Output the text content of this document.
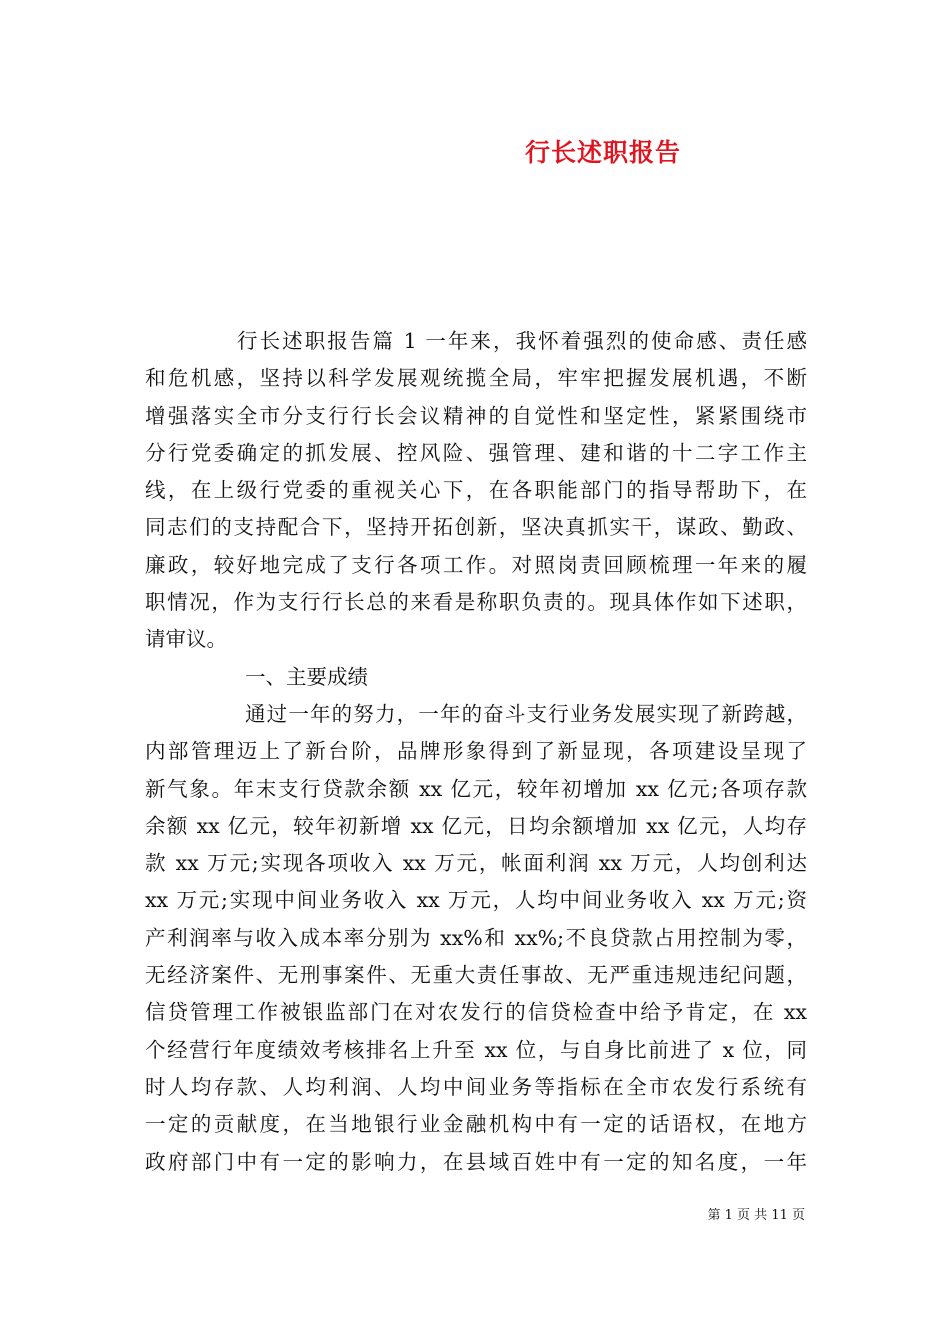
行长述职报告
行长述职报告篇 1 一年来，我怀着强烈的使命感、责任感
和危机感，坚持以科学发展观统揽全局，牢牢把握发展机遇，不断
增强落实全市分支行行长会议精神的自觉性和坚定性，紧紧围绕市
分行党委确定的抓发展、控风险、强管理、建和谐的十二字工作主
线，在上级行党委的重视关心下，在各职能部门的指导帮助下，在
同志们的支持配合下，坚持开拓创新，坚决真抓实干，谋政、勤政、
廉政，较好地完成了支行各项工作。对照岗责回顾梳理一年来的履
职情况，作为支行行长总的来看是称职负责的。现具体作如下述职，
请审议。
一、主要成绩
通过一年的努力，一年的奋斗支行业务发展实现了新跨越，
内部管理迈上了新台阶，品牌形象得到了新显现，各项建设呈现了
新气象。年末支行贷款余额 xx 亿元，较年初增加 xx 亿元;各项存款
余额 xx 亿元，较年初新增 xx 亿元，日均余额增加 xx 亿元，人均存
款 xx 万元;实现各项收入 xx 万元，帐面利润 xx 万元，人均创利达
xx 万元;实现中间业务收入 xx 万元，人均中间业务收入 xx 万元;资
产利润率与收入成本率分别为 xx%和 xx%;不良贷款占用控制为零，
无经济案件、无刑事案件、无重大责任事故、无严重违规违纪问题，
信贷管理工作被银监部门在对农发行的信贷检查中给予肯定，在 xx
个经营行年度绩效考核排名上升至 xx 位，与自身比前进了 x 位，同
时人均存款、人均利润、人均中间业务等指标在全市农发行系统有
一定的贡献度，在当地银行业金融机构中有一定的话语权，在地方
政府部门中有一定的影响力，在县域百姓中有一定的知名度，一年
第 1 页 共 11 页
